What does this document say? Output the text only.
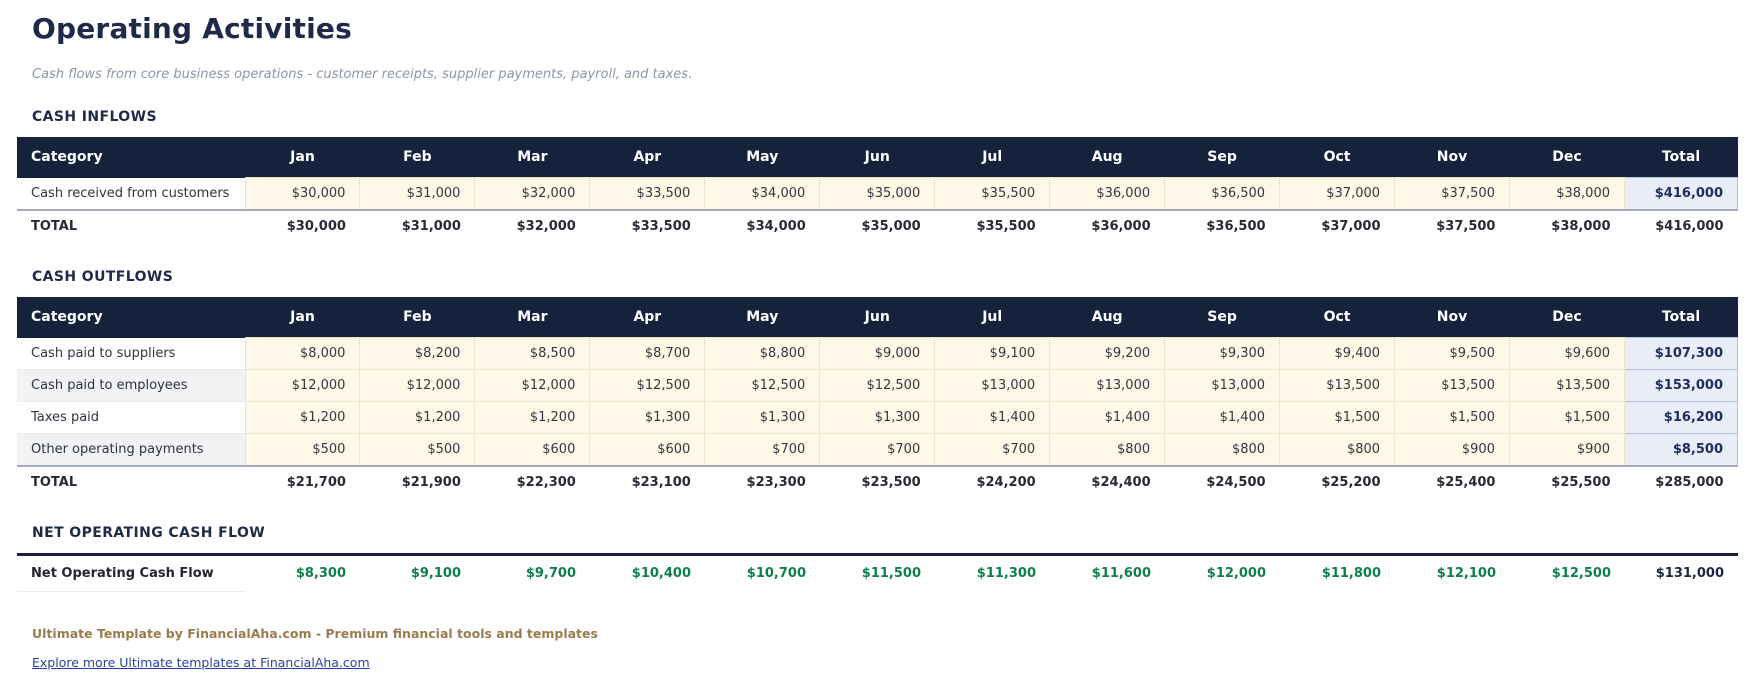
Operating Activities

Cash flows from core business operations - customer receipts, supplier payments, payroll, and taxes.

CASH INFLOWS
Category	Jan	Feb	Mar	Apr	May	Jun	Jul	Aug	Sep	Oct	Nov	Dec	Total
Cash received from customers	$30,000	$31,000	$32,000	$33,500	$34,000	$35,000	$35,500	$36,000	$36,500	$37,000	$37,500	$38,000	$416,000
TOTAL	$30,000	$31,000	$32,000	$33,500	$34,000	$35,000	$35,500	$36,000	$36,500	$37,000	$37,500	$38,000	$416,000
CASH OUTFLOWS
Category	Jan	Feb	Mar	Apr	May	Jun	Jul	Aug	Sep	Oct	Nov	Dec	Total
Cash paid to suppliers	$8,000	$8,200	$8,500	$8,700	$8,800	$9,000	$9,100	$9,200	$9,300	$9,400	$9,500	$9,600	$107,300
Cash paid to employees	$12,000	$12,000	$12,000	$12,500	$12,500	$12,500	$13,000	$13,000	$13,000	$13,500	$13,500	$13,500	$153,000
Taxes paid	$1,200	$1,200	$1,200	$1,300	$1,300	$1,300	$1,400	$1,400	$1,400	$1,500	$1,500	$1,500	$16,200
Other operating payments	$500	$500	$600	$600	$700	$700	$700	$800	$800	$800	$900	$900	$8,500
TOTAL	$21,700	$21,900	$22,300	$23,100	$23,300	$23,500	$24,200	$24,400	$24,500	$25,200	$25,400	$25,500	$285,000
NET OPERATING CASH FLOW
Net Operating Cash Flow	$8,300	$9,100	$9,700	$10,400	$10,700	$11,500	$11,300	$11,600	$12,000	$11,800	$12,100	$12,500	$131,000
Ultimate Template by FinancialAha.com - Premium financial tools and templates
Explore more Ultimate templates at FinancialAha.com
